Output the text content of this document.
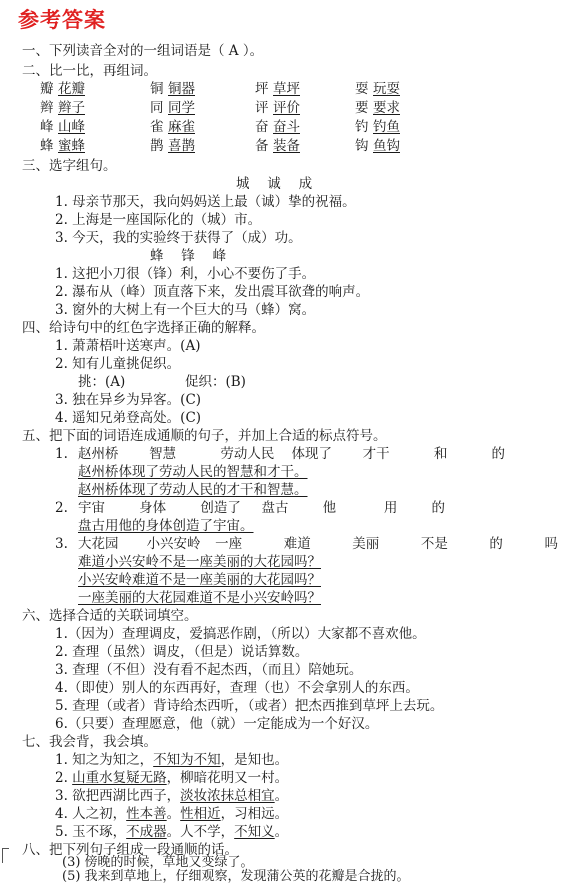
参考答案
一、下列读音全对的一组词语是（ A ）。
二、比一比，再组词。
瓣 花瓣	铜 铜器	坪 草坪	耍 玩耍
辫 辫子	同 同学	评 评价	要 要求
峰 山峰	雀 麻雀	奋 奋斗	钓 钓鱼
蜂 蜜蜂	鹊 喜鹊	备 装备	钩 鱼钩
三、选字组句。
城　 诚　 成
1. 母亲节那天，我向妈妈送上最（诚）挚的祝福。
2. 上海是一座国际化的（城）市。
3. 今天，我的实验终于获得了（成）功。
蜂　 锋　 峰
1. 这把小刀很（锋）利，小心不要伤了手。
2. 瀑布从（峰）顶直落下来，发出震耳欲聋的响声。
3. 窗外的大树上有一个巨大的马（蜂）窝。
四、给诗句中的红色字选择正确的解释。
1. 萧萧梧叶送寒声。(A)
2. 知有儿童挑促织。
挑：(A)	促织：(B)
3. 独在异乡为异客。(C)
4. 遥知兄弟登高处。(C)
五、把下面的词语连成通顺的句子，并加上合适的标点符号。
1. 赵州桥 智慧	劳动人民 体现了 才干	和	的
赵州桥体现了劳动人民的智慧和才干。
赵州桥体现了劳动人民的才干和智慧。
2. 宇宙	身体	创造了 盘古	他	用	的
盘古用他的身体创造了宇宙。
3. 大花园 小兴安岭 一座	难道	美丽	不是	的	吗
难道小兴安岭不是一座美丽的大花园吗？
小兴安岭难道不是一座美丽的大花园吗？
一座美丽的大花园难道不是小兴安岭吗？
六、选择合适的关联词填空。
1.（因为）查理调皮，爱搞恶作剧，（所以）大家都不喜欢他。
2. 查理（虽然）调皮，（但是）说话算数。
3. 查理（不但）没有看不起杰西，（而且）陪她玩。
4.（即使）别人的东西再好，查理（也）不会拿别人的东西。
5. 查理（或者）背诗给杰西听，（或者）把杰西推到草坪上去玩。
6.（只要）查理愿意，他（就）一定能成为一个好汉。
七、我会背，我会填。
1. 知之为知之，不知为不知，是知也。
2. 山重水复疑无路，柳暗花明又一村。
3. 欲把西湖比西子，淡妆浓抹总相宜。
4. 人之初，性本善。性相近，习相远。
5. 玉不琢，不成器。人不学，不知义。
八、把下列句子组成一段通顺的话。
(3) 傍晚的时候，草地又变绿了。
(5) 我来到草地上，仔细观察，发现蒲公英的花瓣是合拢的。
